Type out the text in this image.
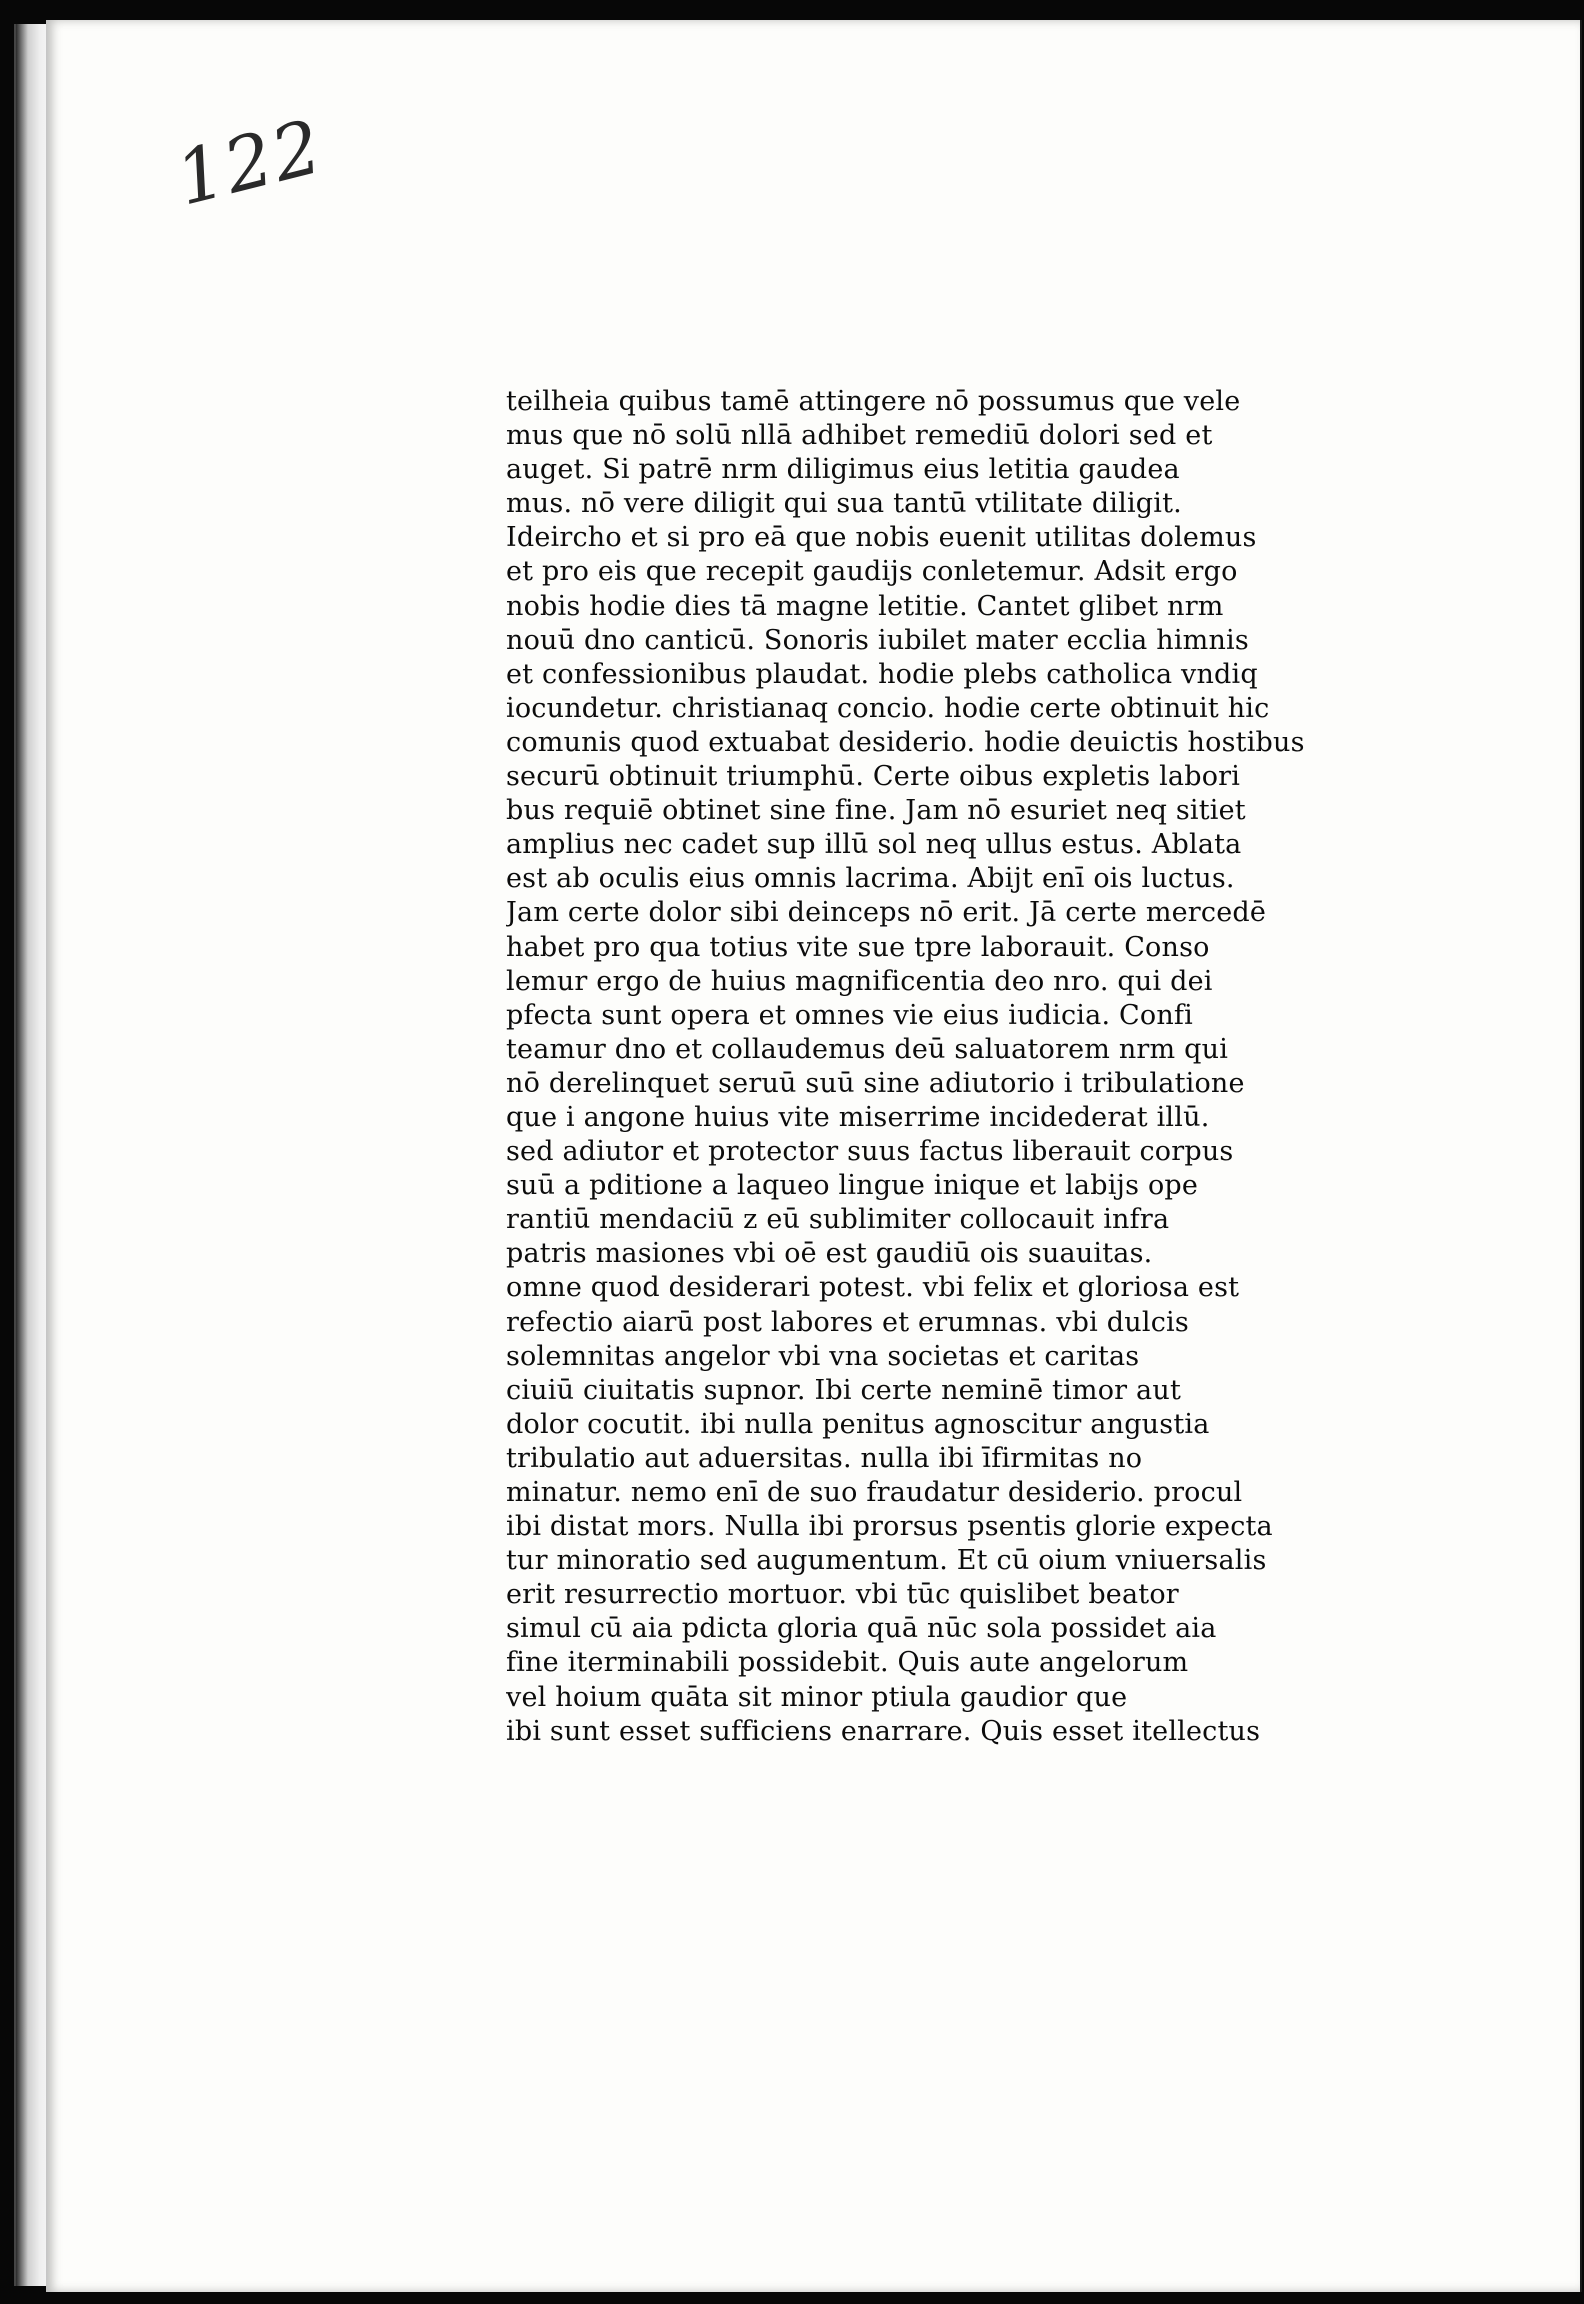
122
teilheia quibus tamē attingere nō possumus que vele
mus que nō solū nllā adhibet remediū dolori sed et
auget. Si patrē nrm diligimus eius letitia gaudea
mus. nō vere diligit qui sua tantū vtilitate diligit.
Ideircho et si pro eā que nobis euenit utilitas dolemus
et pro eis que recepit gaudijs conletemur. Adsit ergo
nobis hodie dies tā magne letitie. Cantet glibet nrm
nouū dno canticū. Sonoris iubilet mater ecclia himnis
et confessionibus plaudat. hodie plebs catholica vndiq
iocundetur. christianaq concio. hodie certe obtinuit hic
comunis quod extuabat desiderio. hodie deuictis hostibus
securū obtinuit triumphū. Certe oibus expletis labori
bus requiē obtinet sine fine. Jam nō esuriet neq sitiet
amplius nec cadet sup illū sol neq ullus estus. Ablata
est ab oculis eius omnis lacrima. Abijt enī ois luctus.
Jam certe dolor sibi deinceps nō erit. Jā certe mercedē
habet pro qua totius vite sue tpre laborauit. Conso
lemur ergo de huius magnificentia deo nro. qui dei
pfecta sunt opera et omnes vie eius iudicia. Confi
teamur dno et collaudemus deū saluatorem nrm qui
nō derelinquet seruū suū sine adiutorio i tribulatione
que i angone huius vite miserrime incidederat illū.
sed adiutor et protector suus factus liberauit corpus
suū a pditione a laqueo lingue inique et labijs ope
rantiū mendaciū z eū sublimiter collocauit infra
patris masiones vbi oē est gaudiū ois suauitas.
omne quod desiderari potest. vbi felix et gloriosa est
refectio aiarū post labores et erumnas. vbi dulcis
solemnitas angelor vbi vna societas et caritas
ciuiū ciuitatis supnor. Ibi certe neminē timor aut
dolor cocutit. ibi nulla penitus agnoscitur angustia
tribulatio aut aduersitas. nulla ibi īfirmitas no
minatur. nemo enī de suo fraudatur desiderio. procul
ibi distat mors. Nulla ibi prorsus psentis glorie expecta
tur minoratio sed augumentum. Et cū oium vniuersalis
erit resurrectio mortuor. vbi tūc quislibet beator
simul cū aia pdicta gloria quā nūc sola possidet aia
fine iterminabili possidebit. Quis aute angelorum
vel hoium quāta sit minor ptiula gaudior que
ibi sunt esset sufficiens enarrare. Quis esset itellectus
